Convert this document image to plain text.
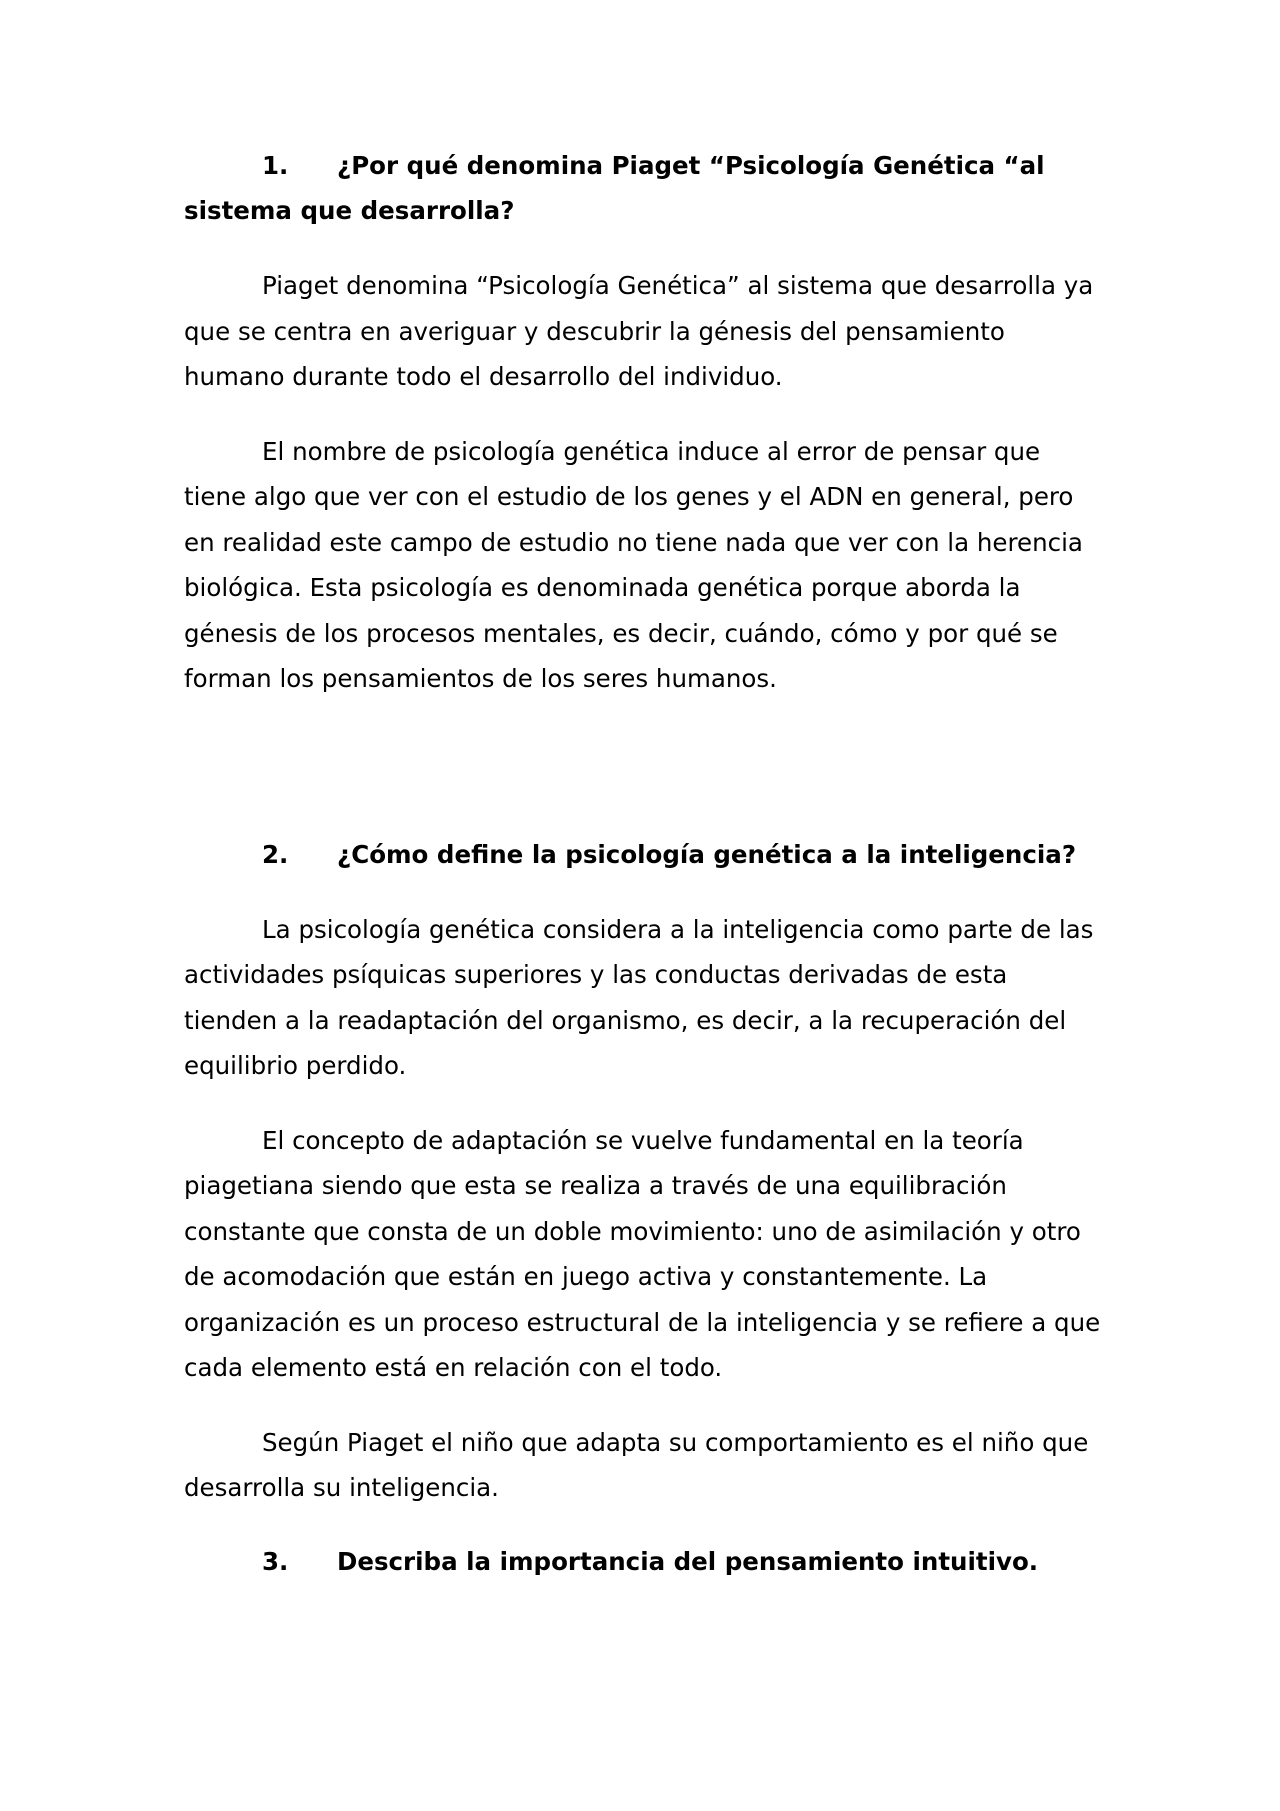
1. ¿Por qué denomina Piaget “Psicología Genética “al sistema que desarrolla?

Piaget denomina “Psicología Genética” al sistema que desarrolla ya que se centra en averiguar y descubrir la génesis del pensamiento humano durante todo el desarrollo del individuo.

El nombre de psicología genética induce al error de pensar que tiene algo que ver con el estudio de los genes y el ADN en general, pero en realidad este campo de estudio no tiene nada que ver con la herencia biológica. Esta psicología es denominada genética porque aborda la génesis de los procesos mentales, es decir, cuándo, cómo y por qué se forman los pensamientos de los seres humanos.

2. ¿Cómo define la psicología genética a la inteligencia?

La psicología genética considera a la inteligencia como parte de las actividades psíquicas superiores y las conductas derivadas de esta tienden a la readaptación del organismo, es decir, a la recuperación del equilibrio perdido.

El concepto de adaptación se vuelve fundamental en la teoría piagetiana siendo que esta se realiza a través de una equilibración constante que consta de un doble movimiento: uno de asimilación y otro de acomodación que están en juego activa y constantemente. La organización es un proceso estructural de la inteligencia y se refiere a que cada elemento está en relación con el todo.

Según Piaget el niño que adapta su comportamiento es el niño que desarrolla su inteligencia.

3. Describa la importancia del pensamiento intuitivo.
